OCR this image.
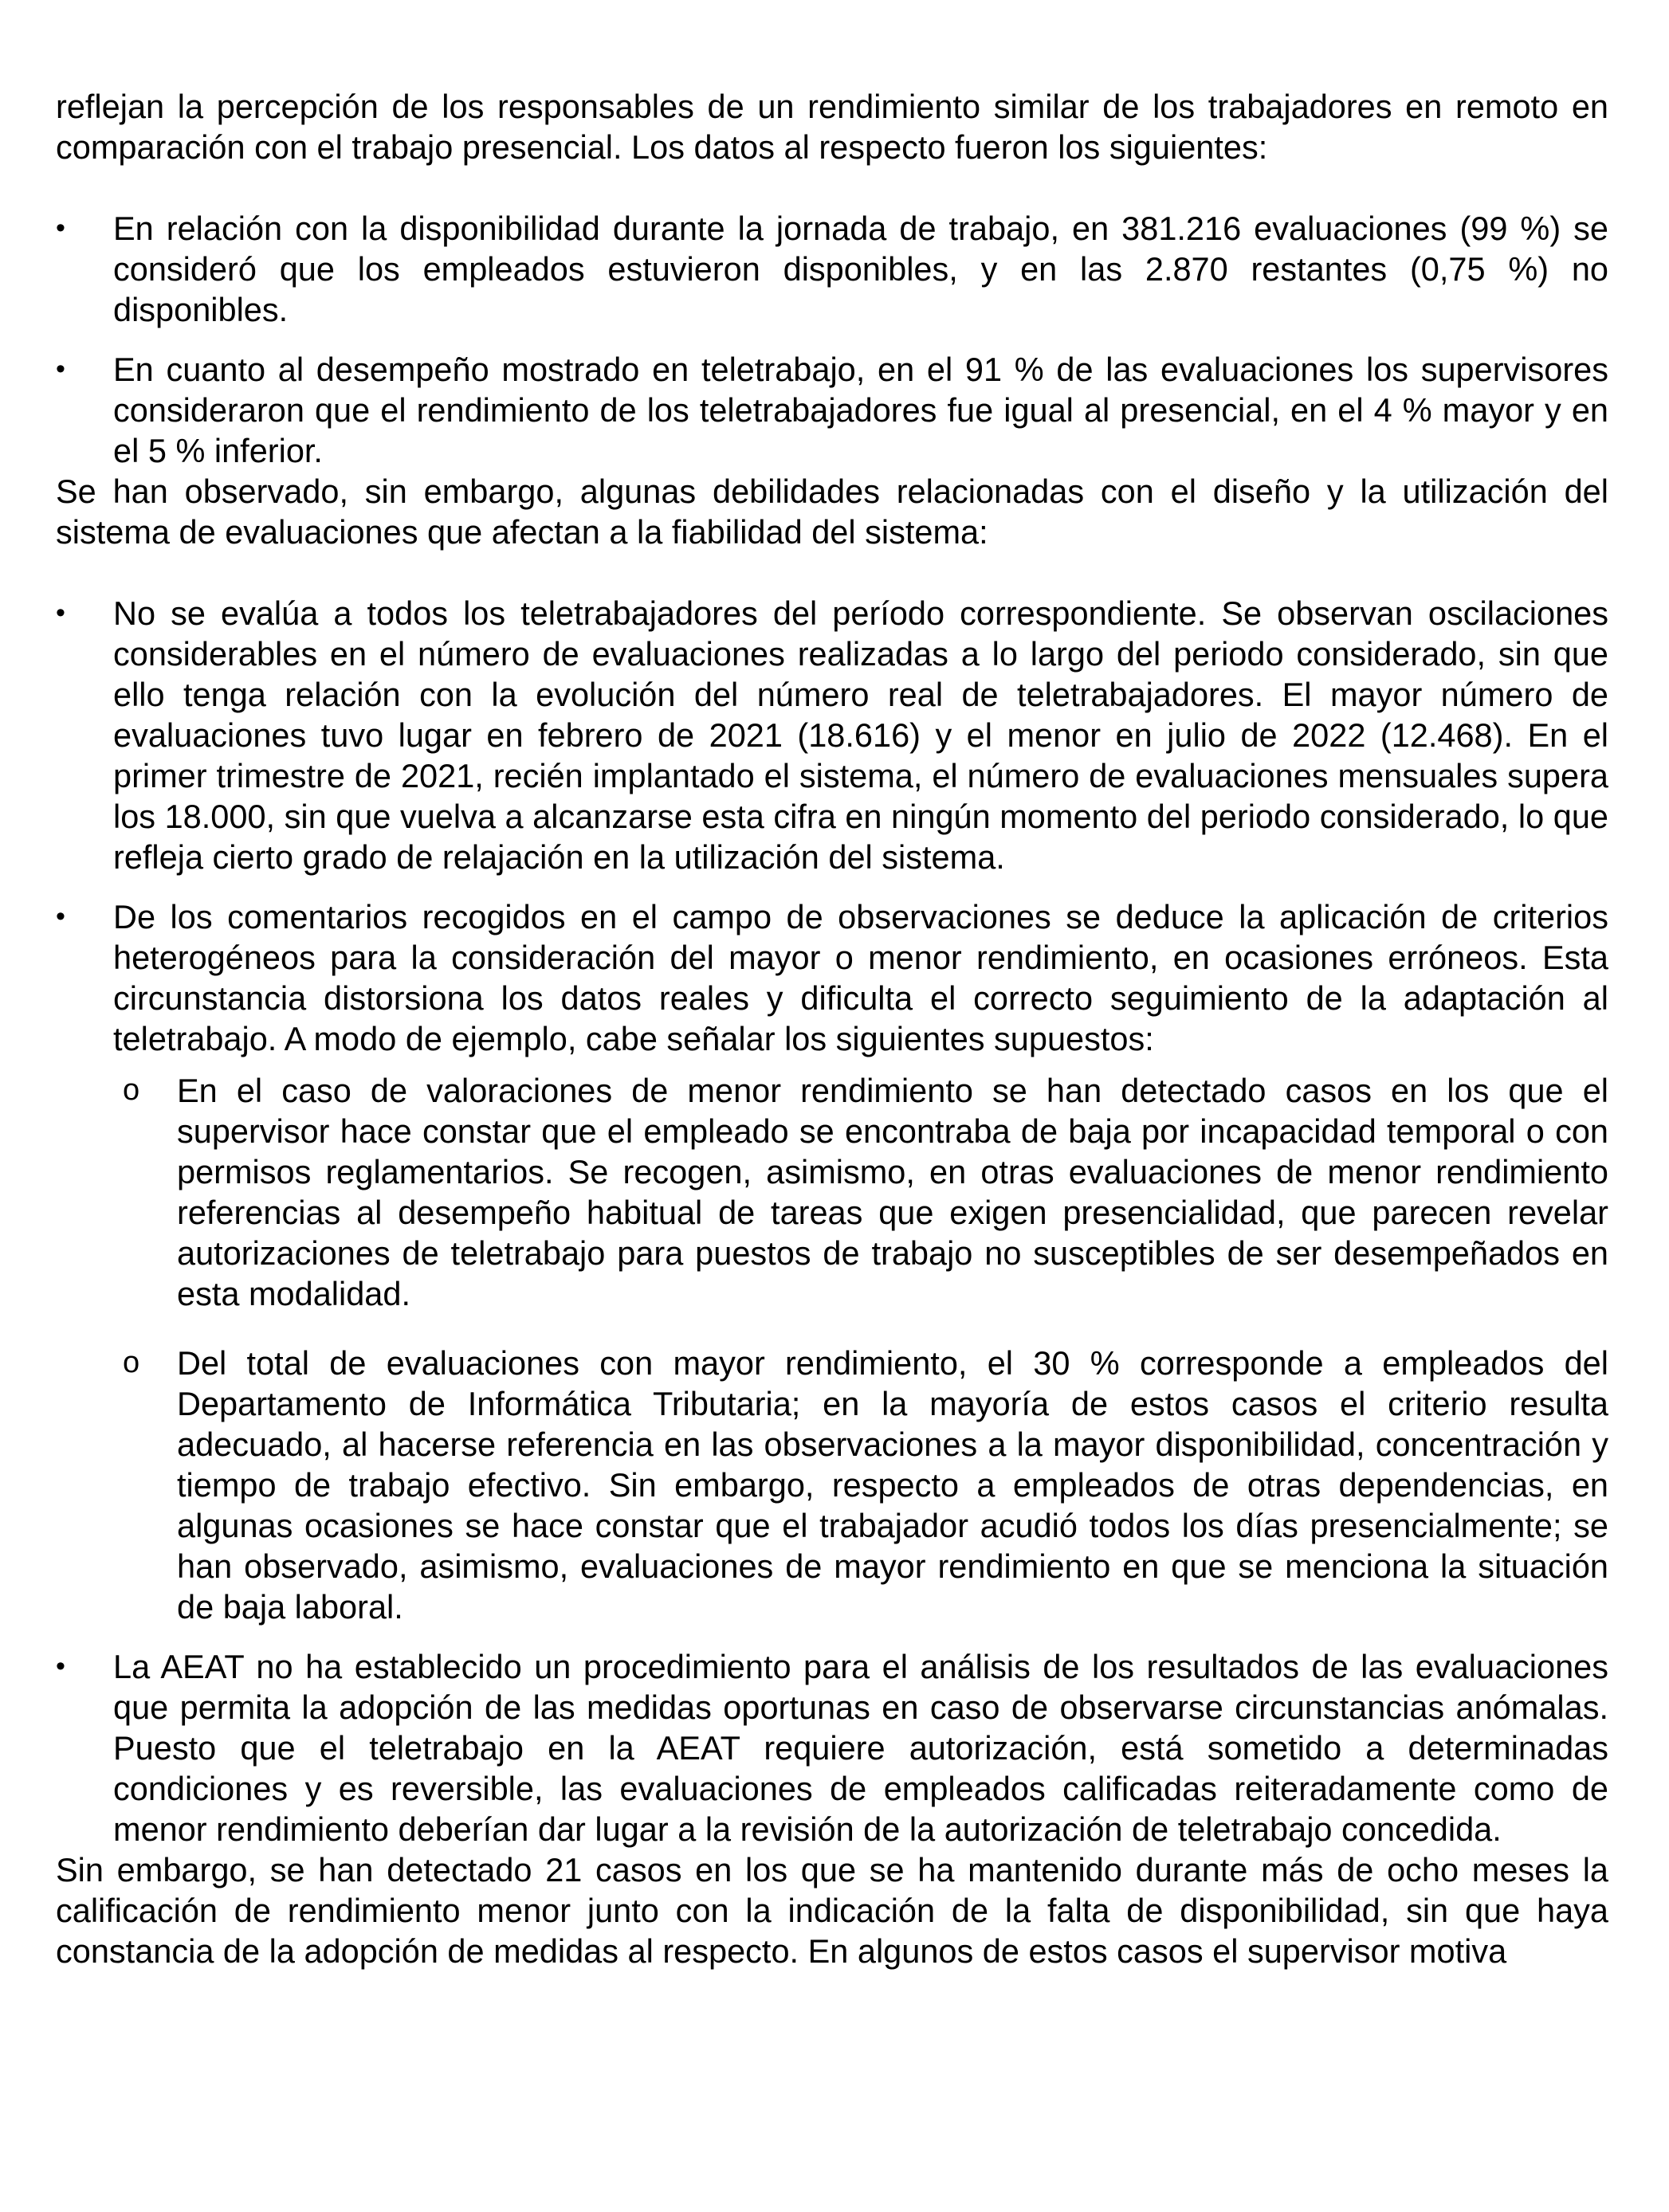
reflejan la percepción de los responsables de un rendimiento similar de los trabajadores en remoto en comparación con el trabajo presencial. Los datos al respecto fueron los siguientes:

•	En relación con la disponibilidad durante la jornada de trabajo, en 381.216 evaluaciones (99 %) se consideró que los empleados estuvieron disponibles, y en las 2.870 restantes (0,75 %) no disponibles.

•	En cuanto al desempeño mostrado en teletrabajo, en el 91 % de las evaluaciones los supervisores consideraron que el rendimiento de los teletrabajadores fue igual al presencial, en el 4 % mayor y en el 5 % inferior.

Se han observado, sin embargo, algunas debilidades relacionadas con el diseño y la utilización del sistema de evaluaciones que afectan a la fiabilidad del sistema:

•	No se evalúa a todos los teletrabajadores del período correspondiente. Se observan oscilaciones considerables en el número de evaluaciones realizadas a lo largo del periodo considerado, sin que ello tenga relación con la evolución del número real de teletrabajadores. El mayor número de evaluaciones tuvo lugar en febrero de 2021 (18.616) y el menor en julio de 2022 (12.468). En el primer trimestre de 2021, recién implantado el sistema, el número de evaluaciones mensuales supera los 18.000, sin que vuelva a alcanzarse esta cifra en ningún momento del periodo considerado, lo que refleja cierto grado de relajación en la utilización del sistema.

•	De los comentarios recogidos en el campo de observaciones se deduce la aplicación de criterios heterogéneos para la consideración del mayor o menor rendimiento, en ocasiones erróneos. Esta circunstancia distorsiona los datos reales y dificulta el correcto seguimiento de la adaptación al teletrabajo. A modo de ejemplo, cabe señalar los siguientes supuestos:

o En el caso de valoraciones de menor rendimiento se han detectado casos en los que el supervisor hace constar que el empleado se encontraba de baja por incapacidad temporal o con permisos reglamentarios. Se recogen, asimismo, en otras evaluaciones de menor rendimiento referencias al desempeño habitual de tareas que exigen presencialidad, que parecen revelar autorizaciones de teletrabajo para puestos de trabajo no susceptibles de ser desempeñados en esta modalidad.

o Del total de evaluaciones con mayor rendimiento, el 30 % corresponde a empleados del Departamento de Informática Tributaria; en la mayoría de estos casos el criterio resulta adecuado, al hacerse referencia en las observaciones a la mayor disponibilidad, concentración y tiempo de trabajo efectivo. Sin embargo, respecto a empleados de otras dependencias, en algunas ocasiones se hace constar que el trabajador acudió todos los días presencialmente; se han observado, asimismo, evaluaciones de mayor rendimiento en que se menciona la situación de baja laboral.

•	La AEAT no ha establecido un procedimiento para el análisis de los resultados de las evaluaciones que permita la adopción de las medidas oportunas en caso de observarse circunstancias anómalas. Puesto que el teletrabajo en la AEAT requiere autorización, está sometido a determinadas condiciones y es reversible, las evaluaciones de empleados calificadas reiteradamente como de menor rendimiento deberían dar lugar a la revisión de la autorización de teletrabajo concedida.

Sin embargo, se han detectado 21 casos en los que se ha mantenido durante más de ocho meses la calificación de rendimiento menor junto con la indicación de la falta de disponibilidad, sin que haya constancia de la adopción de medidas al respecto. En algunos de estos casos el supervisor motiva
